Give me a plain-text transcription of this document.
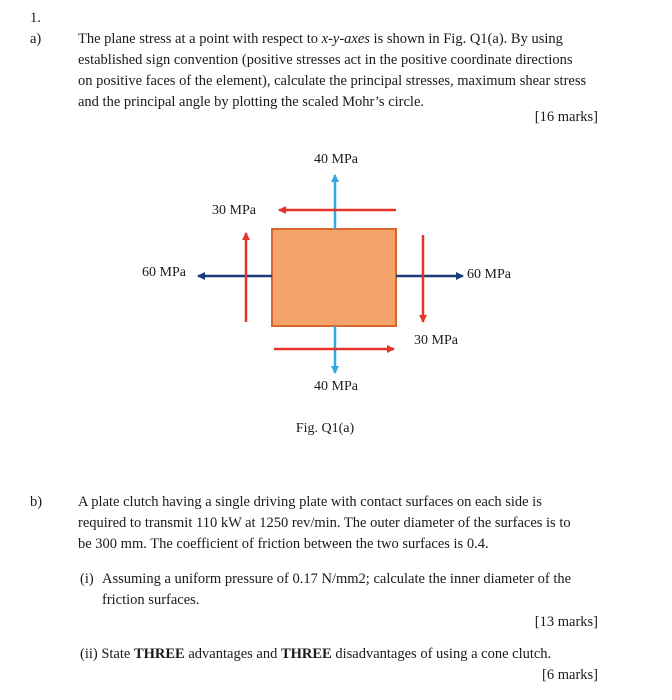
1.
a)	The plane stress at a point with respect to x-y-axes is shown in Fig. Q1(a). By using
established sign convention (positive stresses act in the positive coordinate directions
on positive faces of the element), calculate the principal stresses, maximum shear stress
and the principal angle by plotting the scaled Mohr’s circle.
[16 marks]
40 MPa
30 MPa
60 MPa	60 MPa
30 MPa
40 MPa
Fig. Q1(a)
b) A plate clutch having a single driving plate with contact surfaces on each side is
required to transmit 110 kW at 1250 rev/min. The outer diameter of the surfaces is to
be 300 mm. The coefficient of friction between the two surfaces is 0.4.
(i) Assuming a uniform pressure of 0.17 N/mm2; calculate the inner diameter of the
friction surfaces.
[13 marks]
(ii) State THREE advantages and THREE disadvantages of using a cone clutch.
[6 marks]
